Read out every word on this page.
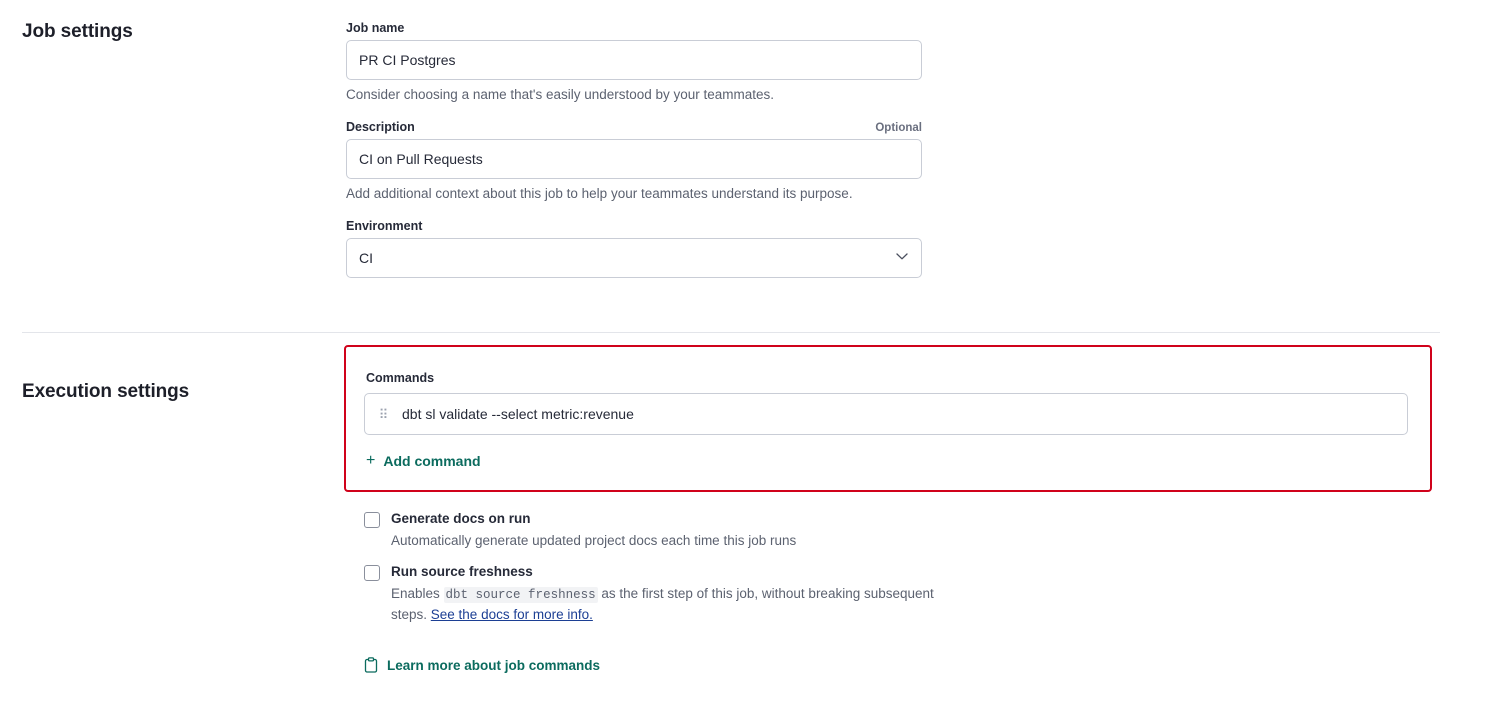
Job settings	Job name
PR CI Postgres
Consider choosing a name that's easily understood by your teammates.
Description	Optional
CI on Pull Requests
Add additional context about this job to help your teammates understand its purpose.
Environment
CI
Execution settings
Commands
⠿	dbt sl validate --select metric:revenue
+ Add command
Generate docs on run
Automatically generate updated project docs each time this job runs
Run source freshness
Enables dbt source freshness as the first step of this job, without breaking subsequent steps. See the docs for more info.
Learn more about job commands
